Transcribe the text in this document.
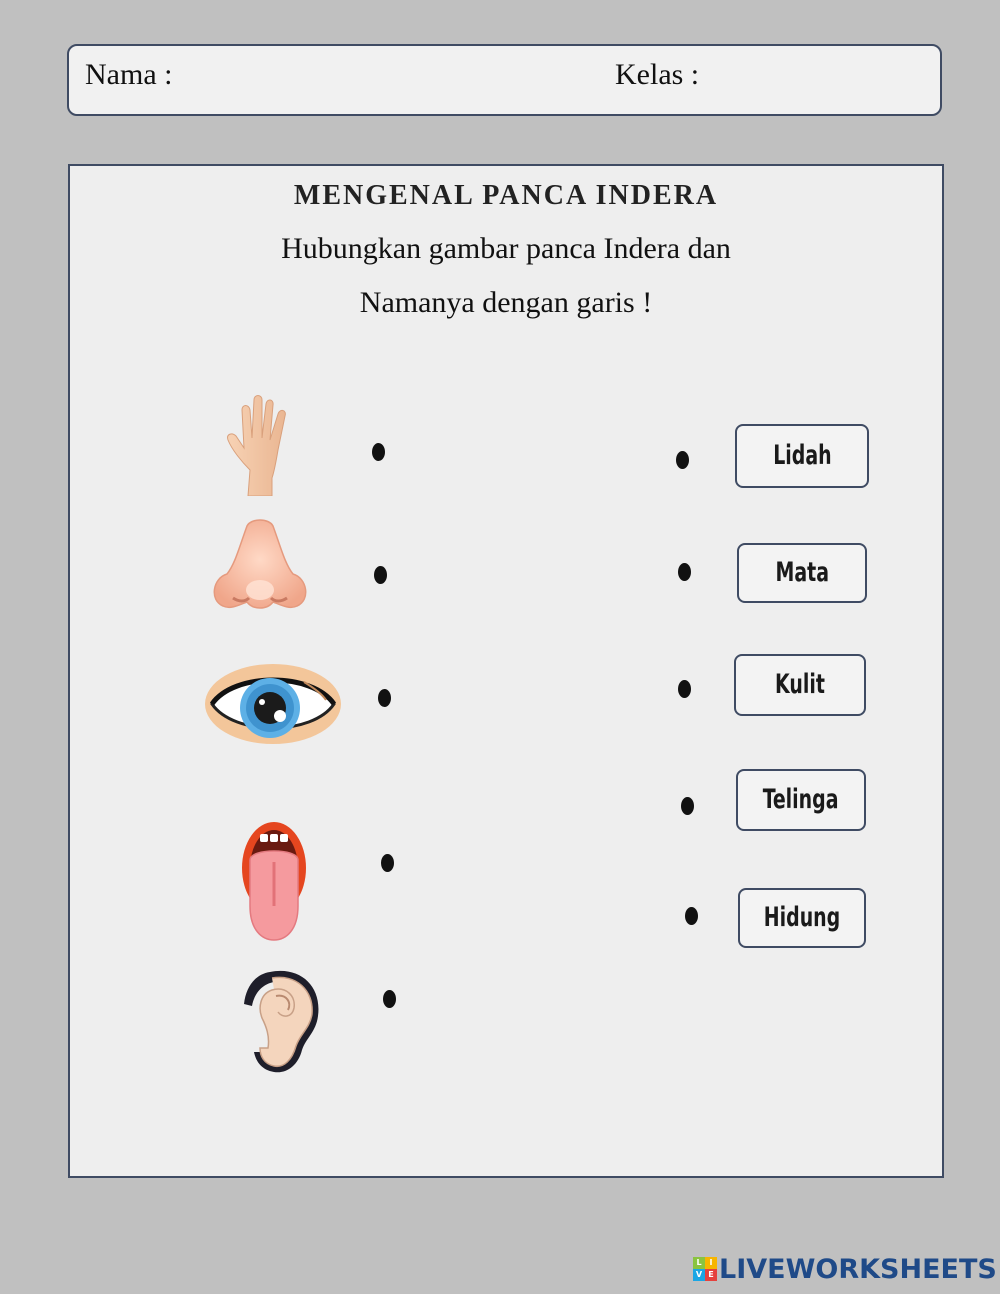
Nama :	Kelas :
MENGENAL PANCA INDERA
Hubungkan gambar panca Indera dan
Namanya dengan garis !
Lidah
Mata
Kulit
Telinga
Hidung
L I
V E LIVEWORKSHEETS
